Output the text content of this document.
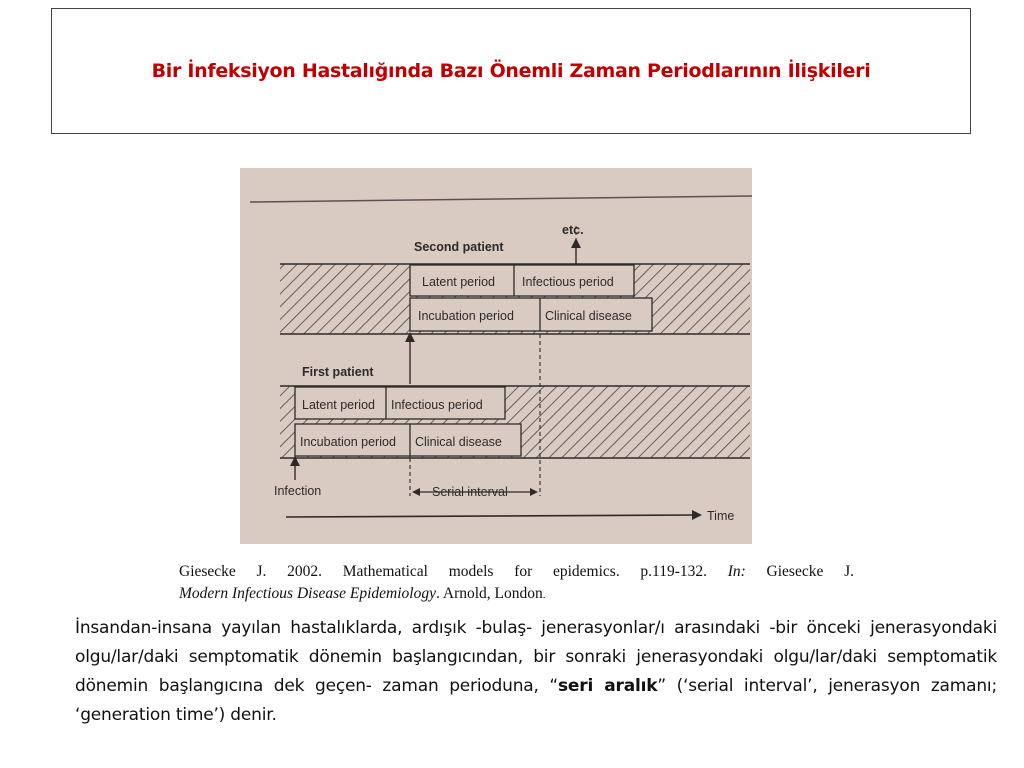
Bir İnfeksiyon Hastalığında Bazı Önemli Zaman Periodlarının İlişkileri
Latent period Infectious period
Incubation period Clinical disease
Second patient
etc.
Latent period Infectious period
Incubation period Clinical disease
First patient
Serial interval
Infection
Time
Giesecke J. 2002. Mathematical models for epidemics. p.119-132. In: Giesecke J.
Modern Infectious Disease Epidemiology. Arnold, London.
İnsandan-insana yayılan hastalıklarda, ardışık -bulaş- jenerasyonlar/ı arasındaki -bir önceki jenerasyondaki olgu/lar/daki semptomatik dönemin başlangıcından, bir sonraki jenerasyondaki olgu/lar/daki semptomatik dönemin başlangıcına dek geçen- zaman perioduna, “seri aralık” (‘serial interval’, jenerasyon zamanı; ‘generation time’) denir.
